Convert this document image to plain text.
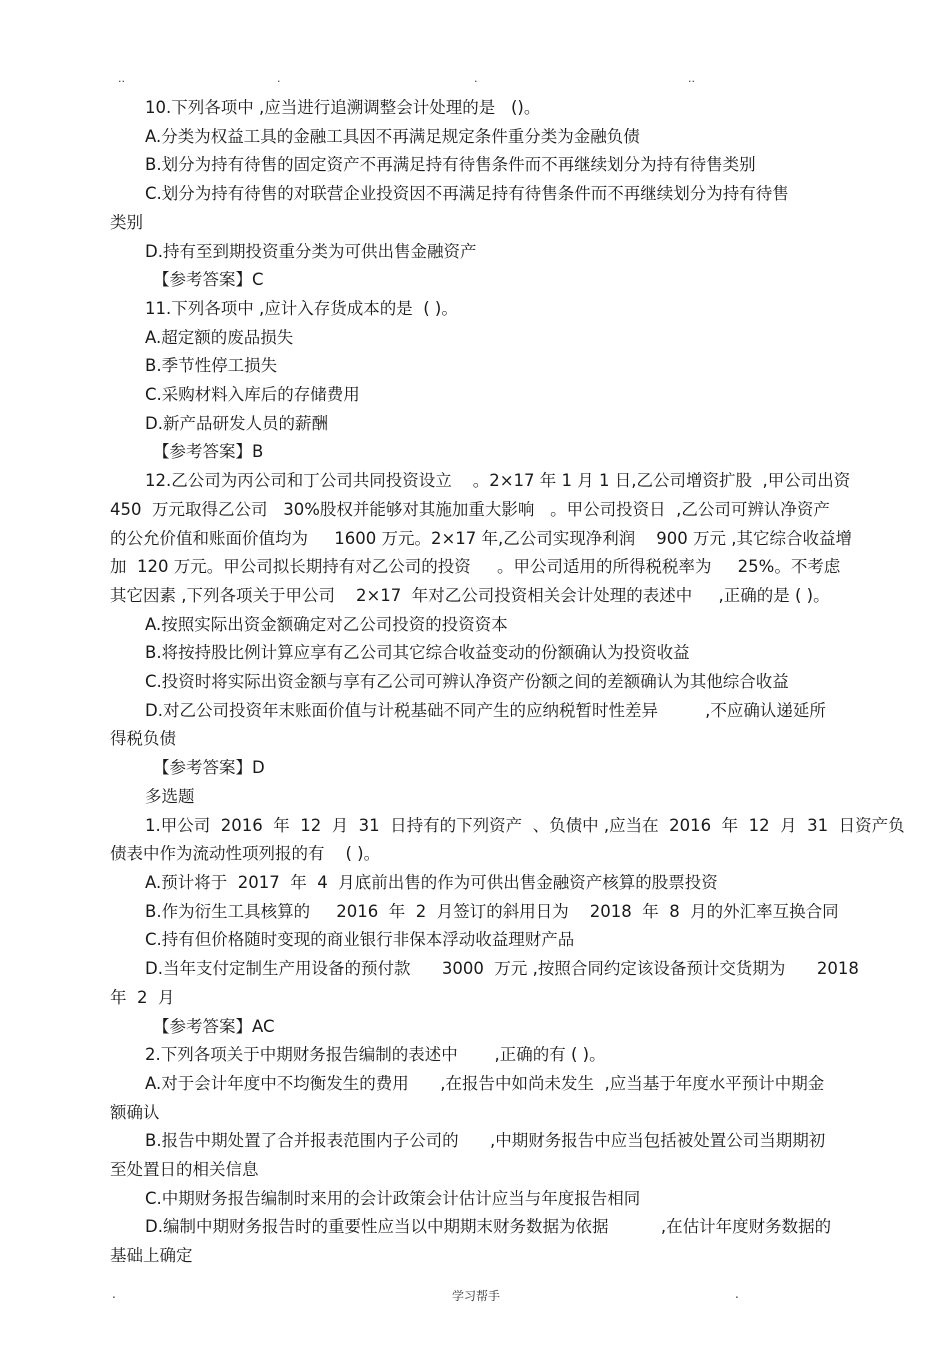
..	.	.	..
10.下列各项中 ,应当进行追溯调整会计处理的是   ()。
A.分类为权益工具的金融工具因不再满足规定条件重分类为金融负债
B.划分为持有待售的固定资产不再满足持有待售条件而不再继续划分为持有待售类别
C.划分为持有待售的对联营企业投资因不再满足持有待售条件而不再继续划分为持有待售
类别
D.持有至到期投资重分类为可供出售金融资产
【参考答案】C
11.下列各项中 ,应计入存货成本的是  ( )。
A.超定额的废品损失
B.季节性停工损失
C.采购材料入库后的存储费用
D.新产品研发人员的薪酬
【参考答案】B
12.乙公司为丙公司和丁公司共同投资设立    。2×17 年 1 月 1 日,乙公司增资扩股  ,甲公司出资
450  万元取得乙公司   30%股权并能够对其施加重大影响   。甲公司投资日  ,乙公司可辨认净资产
的公允价值和账面价值均为     1600 万元。2×17 年,乙公司实现净利润    900 万元 ,其它综合收益增
加  120 万元。甲公司拟长期持有对乙公司的投资     。甲公司适用的所得税税率为     25%。不考虑
其它因素 ,下列各项关于甲公司    2×17  年对乙公司投资相关会计处理的表述中     ,正确的是 ( )。
A.按照实际出资金额确定对乙公司投资的投资资本
B.将按持股比例计算应享有乙公司其它综合收益变动的份额确认为投资收益
C.投资时将实际出资金额与享有乙公司可辨认净资产份额之间的差额确认为其他综合收益
D.对乙公司投资年末账面价值与计税基础不同产生的应纳税暂时性差异         ,不应确认递延所
得税负债
【参考答案】D
多选题
1.甲公司  2016  年  12  月  31  日持有的下列资产  、负债中 ,应当在  2016  年  12  月  31  日资产负
债表中作为流动性项列报的有    ( )。
A.预计将于  2017  年  4  月底前出售的作为可供出售金融资产核算的股票投资
B.作为衍生工具核算的     2016  年  2  月签订的斜用日为    2018  年  8  月的外汇率互换合同
C.持有但价格随时变现的商业银行非保本浮动收益理财产品
D.当年支付定制生产用设备的预付款      3000  万元 ,按照合同约定该设备预计交货期为      2018
年  2  月
【参考答案】AC
2.下列各项关于中期财务报告编制的表述中       ,正确的有 ( )。
A.对于会计年度中不均衡发生的费用      ,在报告中如尚未发生  ,应当基于年度水平预计中期金
额确认
B.报告中期处置了合并报表范围内子公司的      ,中期财务报告中应当包括被处置公司当期期初
至处置日的相关信息
C.中期财务报告编制时来用的会计政策会计估计应当与年度报告相同
D.编制中期财务报告时的重要性应当以中期期末财务数据为依据          ,在估计年度财务数据的
基础上确定
.	学习帮手	.
